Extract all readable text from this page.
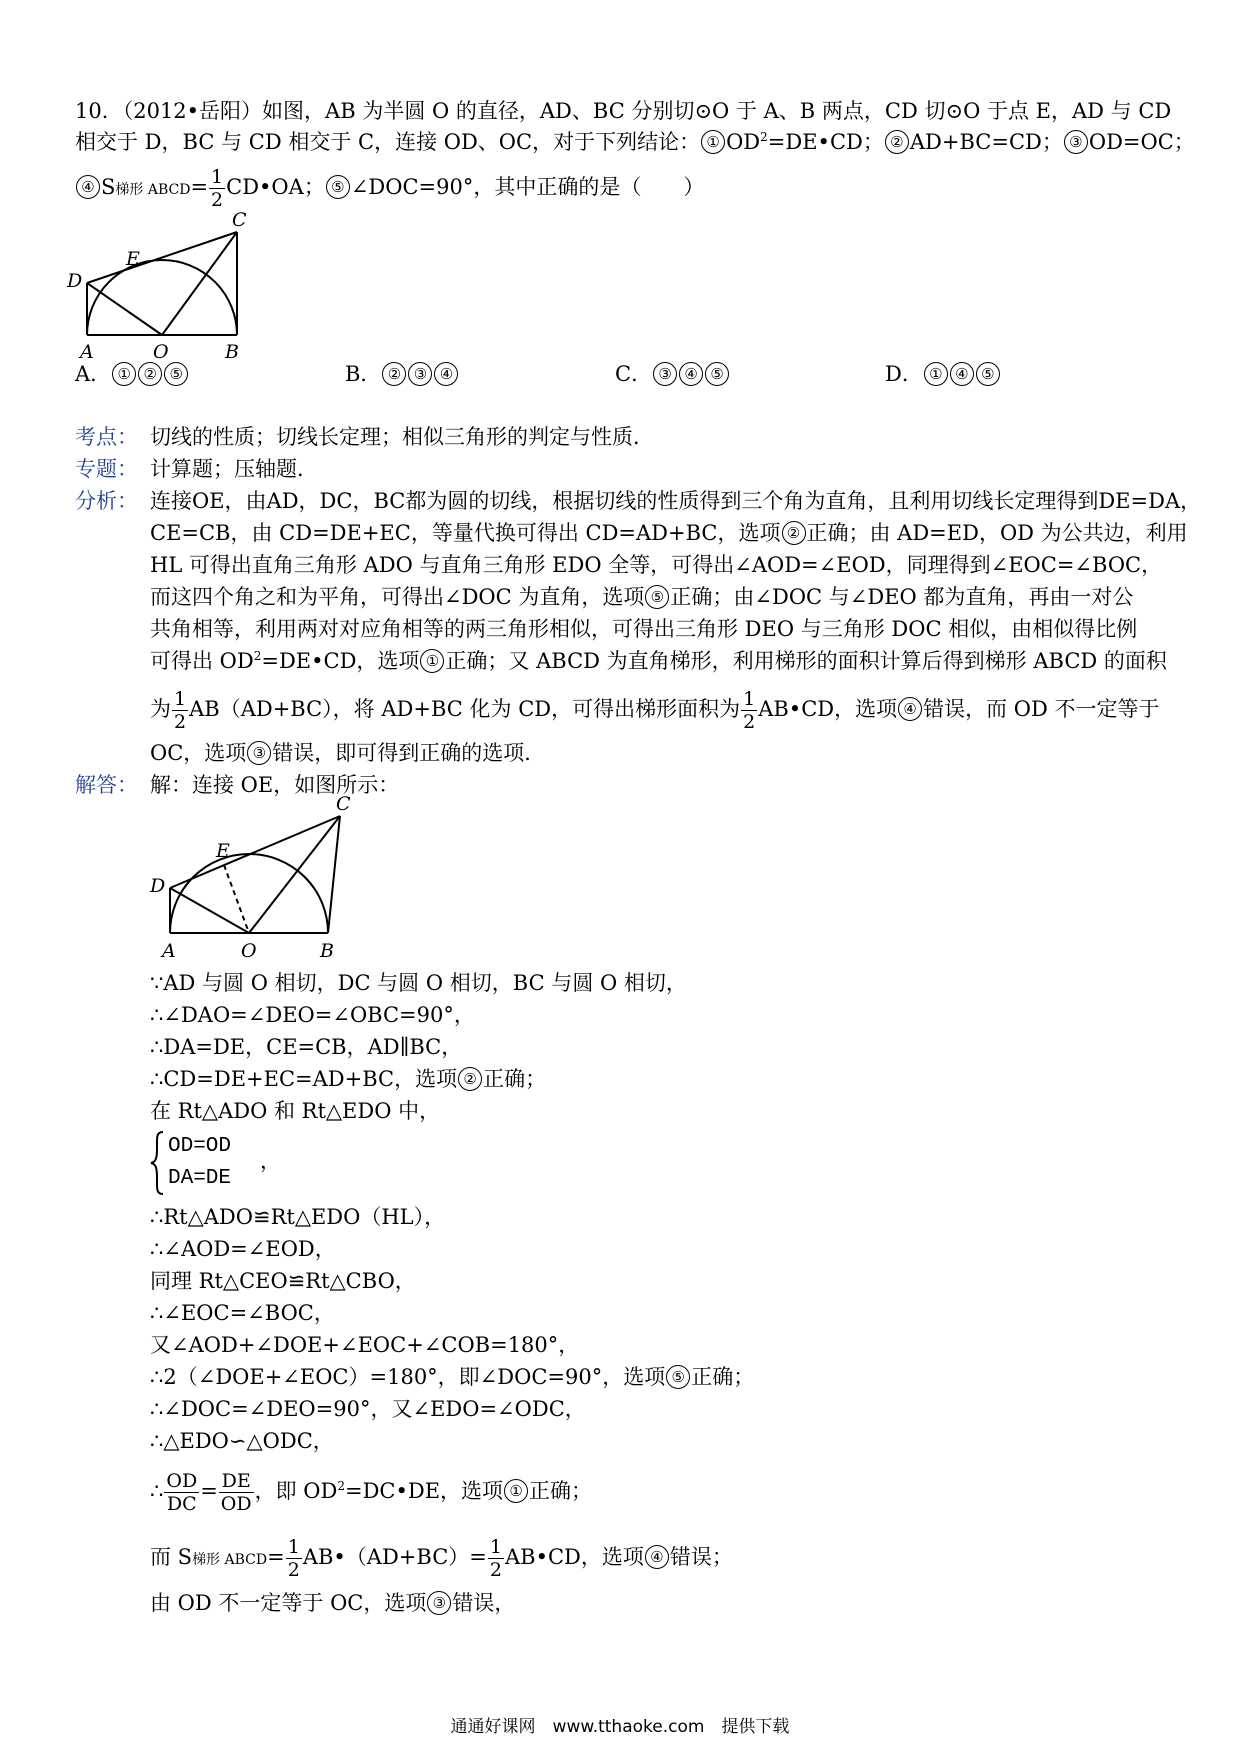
10．（2012•岳阳）如图，AB 为半圆 O 的直径，AD、BC 分别切⊙O 于 A、B 两点，CD 切⊙O 于点 E，AD 与 CD
相交于 D，BC 与 CD 相交于 C，连接 OD、OC，对于下列结论： ① $OD^2=DE•CD$； ② AD+BC=CD； ③ OD=OC；
④ S梯形 ABCD= $\frac{1}{2}$ CD•OA； ⑤ ∠DOC=90°，其中正确的是（　　）
D
E
C
A	O	B
A． ① ② ⑤	B． ② ③ ④	C． ③ ④ ⑤	D． ① ④ ⑤
考点： 切线的性质；切线长定理；相似三角形的判定与性质．
专题： 计算题；压轴题．
分析： 连接OE，由AD，DC，BC都为圆的切线，根据切线的性质得到三个角为直角，且利用切线长定理得到DE=DA，
CE=CB，由 CD=DE+EC，等量代换可得出 CD=AD+BC，选项 ② 正确；由 AD=ED，OD 为公共边，利用
HL 可得出直角三角形 ADO 与直角三角形 EDO 全等，可得出∠AOD=∠EOD，同理得到∠EOC=∠BOC，
而这四个角之和为平角，可得出∠DOC 为直角，选项 ⑤ 正确；由∠DOC 与∠DEO 都为直角，再由一对公
共角相等，利用两对对应角相等的两三角形相似，可得出三角形 DEO 与三角形 DOC 相似，由相似得比例
可得出 $OD^2=DE•CD$，选项 ① 正确；又 ABCD 为直角梯形，利用梯形的面积计算后得到梯形 ABCD 的面积
为 $\frac{1}{2} AB(AD+BC)$，将 AD+BC 化为 CD，可得出梯形面积为 $\frac{1}{2}$ AB•CD，选项 ④ 错误，而 OD 不一定等于
OC，选项 ③ 错误，即可得到正确的选项．
解答： 解：连接 OE，如图所示：
C
E
D
A	O	B
∵AD 与圆 O 相切，DC 与圆 O 相切，BC 与圆 O 相切，
∴∠DAO=∠DEO=∠OBC=90°，
∴DA=DE，CE=CB，AD∥BC，
∴CD=DE+EC=AD+BC，选项 ② 正确；
在 Rt△ADO 和 Rt△EDO 中，
OD=OD
DA=DE
，
∴Rt△ADO≌Rt△EDO（HL），
∴∠AOD=∠EOD，
同理 Rt△CEO≌Rt△CBO，
∴∠EOC=∠BOC，
又∠AOD+∠DOE+∠EOC+∠COB=180°，
∴2（∠DOE+∠EOC）=180°，即∠DOC=90°，选项 ⑤ 正确；
∴∠DOC=∠DEO=90°，又∠EDO=∠ODC，
∴△EDO∽△ODC，
∴ $\frac{OD}{DC} = \frac{DE}{OD}$ ，即 $OD^2=DC•DE$，选项 ① 正确；
而 S梯形 ABCD= $\frac{1}{2}$ AB•（AD+BC）= $\frac{1}{2}$ AB•CD，选项 ④ 错误；
由 OD 不一定等于 OC，选项 ③ 错误，
通通好课网　www.tthaoke.com　提供下载
